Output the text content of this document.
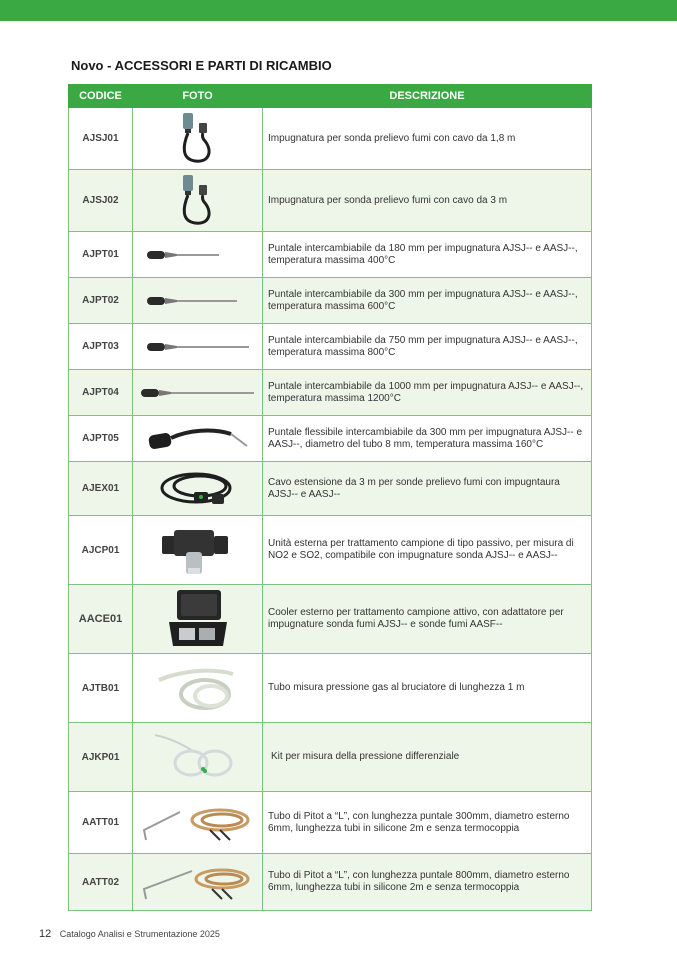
Novo - ACCESSORI E PARTI DI RICAMBIO
CODICE	FOTO	DESCRIZIONE
AJSJ01		Impugnatura per sonda prelievo fumi con cavo da 1,8 m
AJSJ02		Impugnatura per sonda prelievo fumi con cavo da 3 m
AJPT01		Puntale intercambiabile da 180 mm per impugnatura AJSJ-- e AASJ--, temperatura massima 400°C
AJPT02		Puntale intercambiabile da 300 mm per impugnatura AJSJ-- e AASJ--, temperatura massima 600°C
AJPT03		Puntale intercambiabile da 750 mm per impugnatura AJSJ-- e AASJ--, temperatura massima 800°C
AJPT04		Puntale intercambiabile da 1000 mm per impugnatura AJSJ-- e AASJ--, temperatura massima 1200°C
AJPT05		Puntale flessibile intercambiabile da 300 mm per impugnatura AJSJ-- e AASJ--, diametro del tubo 8 mm, temperatura massima 160°C
AJEX01		Cavo estensione da 3 m per sonde prelievo fumi con impugntaura AJSJ-- e AASJ--
AJCP01		Unità esterna per trattamento campione di tipo passivo, per misura di NO2 e SO2, compatibile con impugnature sonda AJSJ-- e AASJ--
AACE01		Cooler esterno per trattamento campione attivo, con adattatore per impugnature sonda fumi AJSJ-- e sonde fumi AASF--
AJTB01		Tubo misura pressione gas al bruciatore di lunghezza 1 m
AJKP01		Kit per misura della pressione differenziale
AATT01		Tubo di Pitot a “L”, con lunghezza puntale 300mm, diametro esterno 6mm, lunghezza tubi in silicone 2m e senza termocoppia
AATT02		Tubo di Pitot a “L”, con lunghezza puntale 800mm, diametro esterno 6mm, lunghezza tubi in silicone 2m e senza termocoppia
12 Catalogo Analisi e Strumentazione 2025
